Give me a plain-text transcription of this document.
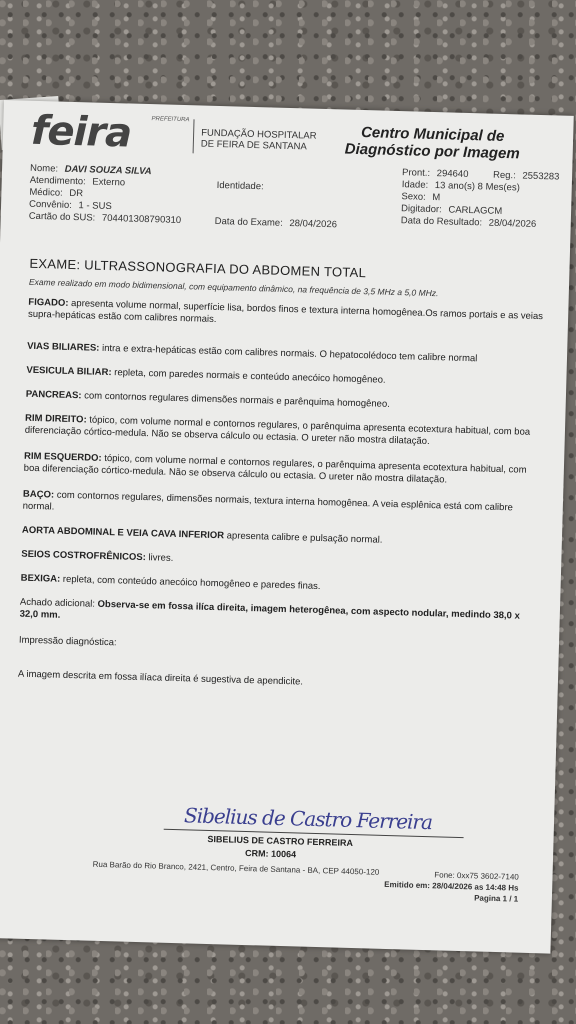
feira	PREFEITURA
FUNDAÇÃO HOSPITALAR
DE FEIRA DE SANTANA
Centro Municipal de
Diagnóstico por Imagem
Nome: DAVI SOUZA SILVA
Atendimento: Externo
Médico: DR
Identidade:
Convênio: 1 - SUS
Cartão do SUS: 704401308790310	Data do Exame: 28/04/2026
Pront.: 294640	Reg.: 2553283
Idade: 13 ano(s) 8 Mes(es)
Sexo: M
Digitador: CARLAGCM
Data do Resultado: 28/04/2026
EXAME: ULTRASSONOGRAFIA DO ABDOMEN TOTAL
Exame realizado em modo bidimensional, com equipamento dinâmico, na frequência de 3,5 MHz a 5,0 MHz.
FIGADO: apresenta volume normal, superfície lisa, bordos finos e textura interna homogênea.Os ramos portais e as veias supra-hepáticas estão com calibres normais.
VIAS BILIARES: intra e extra-hepáticas estão com calibres normais. O hepatocolédoco tem calibre normal
VESICULA BILIAR: repleta, com paredes normais e conteúdo anecóico homogêneo.
PANCREAS: com contornos regulares dimensões normais e parênquima homogêneo.
RIM DIREITO: tópico, com volume normal e contornos regulares, o parênquima apresenta ecotextura habitual, com boa diferenciação córtico-medula. Não se observa cálculo ou ectasia. O ureter não mostra dilatação.
RIM ESQUERDO: tópico, com volume normal e contornos regulares, o parênquima apresenta ecotextura habitual, com boa diferenciação córtico-medula. Não se observa cálculo ou ectasia. O ureter não mostra dilatação.
BAÇO: com contornos regulares, dimensões normais, textura interna homogênea. A veia esplênica está com calibre normal.
AORTA ABDOMINAL E VEIA CAVA INFERIOR apresenta calibre e pulsação normal.
SEIOS COSTROFRÊNICOS: livres.
BEXIGA: repleta, com conteúdo anecóico homogêneo e paredes finas.
Achado adicional: Observa-se em fossa ilíca direita, imagem heterogênea, com aspecto nodular, medindo 38,0 x 32,0 mm.
Impressão diagnóstica:
A imagem descrita em fossa ilíaca direita é sugestiva de apendicite.
Sibelius de Castro Ferreira
SIBELIUS DE CASTRO FERREIRA
CRM: 10064
Rua Barão do Rio Branco, 2421, Centro, Feira de Santana - BA, CEP 44050-120	Fone: 0xx75 3602-7140
Emitido em: 28/04/2026 as 14:48 Hs
Pagina 1 / 1
